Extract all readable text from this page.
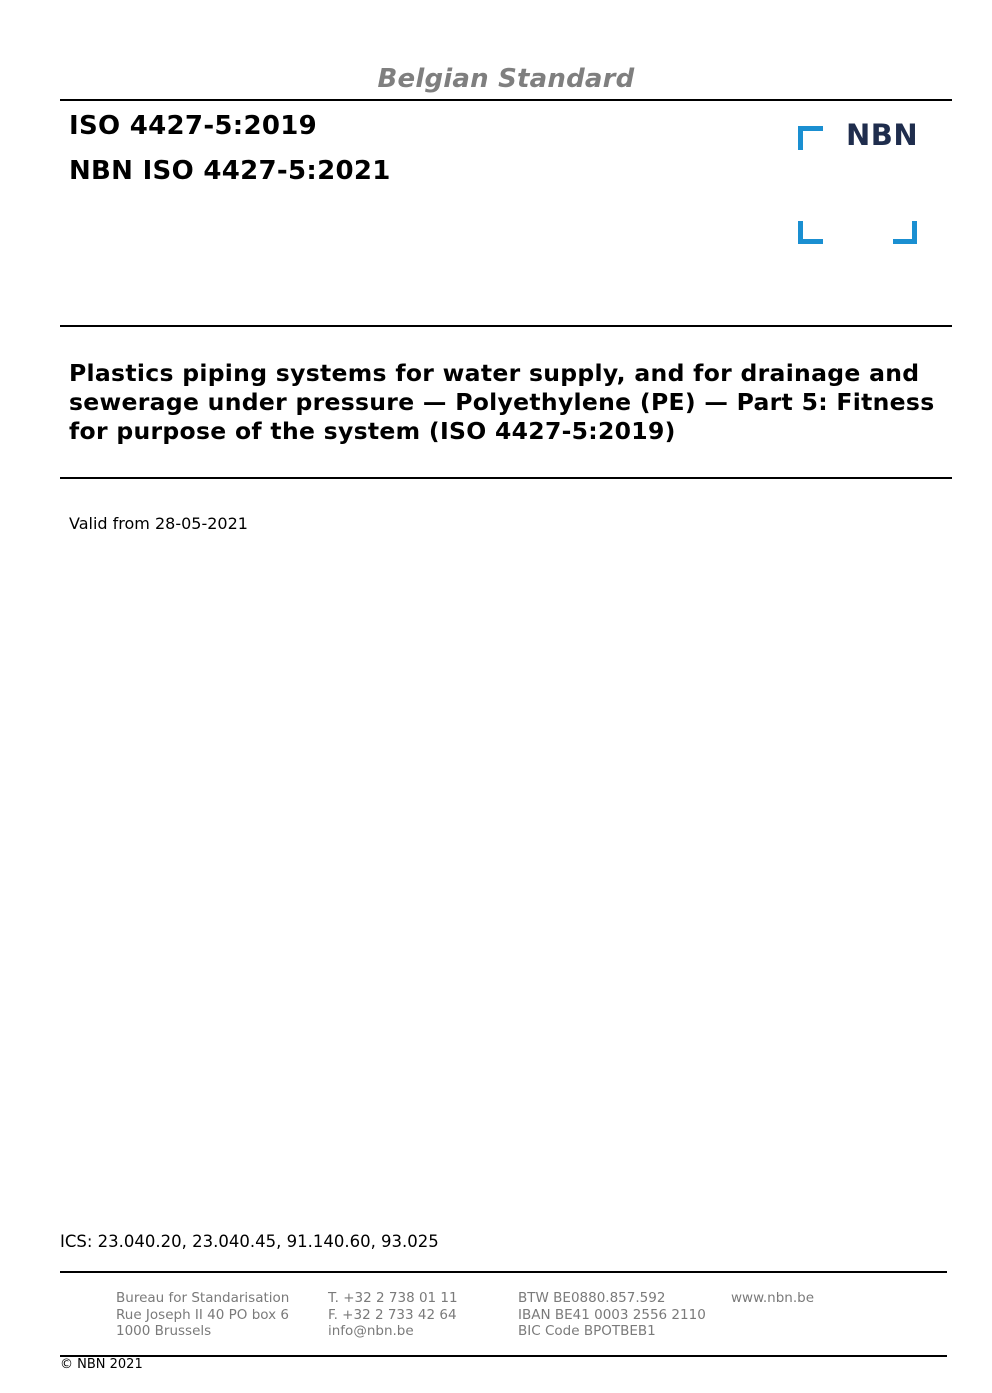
Belgian Standard
ISO 4427-5:2019
NBN ISO 4427-5:2021
NBN
Plastics piping systems for water supply, and for drainage and
sewerage under pressure — Polyethylene (PE) — Part 5: Fitness
for purpose of the system (ISO 4427-5:2019)
Valid from 28-05-2021
ICS: 23.040.20, 23.040.45, 91.140.60, 93.025
Bureau for Standarisation
Rue Joseph II 40 PO box 6
1000 Brussels
T. +32 2 738 01 11
F. +32 2 733 42 64
info@nbn.be
BTW BE0880.857.592
IBAN BE41 0003 2556 2110
BIC Code BPOTBEB1
www.nbn.be
© NBN 2021
